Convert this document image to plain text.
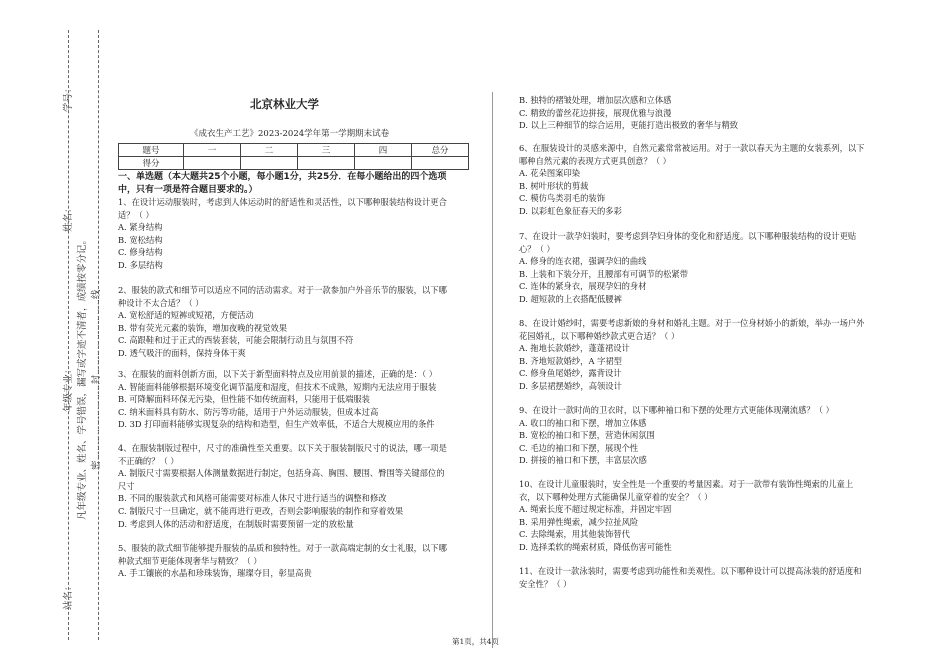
学号：
姓名：
年级专业：
站名：
凡年级专业、姓名、学号错误，漏写或字迹不清者，成绩按零分记。 密……………………封……………………线
北京林业大学
《成衣生产工艺》2023-2024学年第一学期期末试卷
题号	一	二	三	四	总分
得分					
一、单选题（本大题共25个小题，每小题1分，共25分．在每小题给出的四个选项中，只有一项是符合题目要求的。）

1、在设计运动服装时，考虑到人体运动时的舒适性和灵活性，以下哪种服装结构设计更合适？（ ）

A. 紧身结构

B. 宽松结构

C. 修身结构

D. 多层结构

2、服装的款式和细节可以适应不同的活动需求。对于一款参加户外音乐节的服装，以下哪种设计不太合适？（ ）

A. 宽松舒适的短裤或短裙，方便活动

B. 带有荧光元素的装饰，增加夜晚的视觉效果

C. 高跟鞋和过于正式的西装套装，可能会限制行动且与氛围不符

D. 透气吸汗的面料，保持身体干爽

3、在服装的面料创新方面，以下关于新型面料特点及应用前景的描述，正确的是：（ ）

A. 智能面料能够根据环境变化调节温度和湿度，但技术不成熟，短期内无法应用于服装

B. 可降解面料环保无污染，但性能不如传统面料，只能用于低端服装

C. 纳米面料具有防水、防污等功能，适用于户外运动服装，但成本过高

D. 3D 打印面料能够实现复杂的结构和造型，但生产效率低，不适合大规模应用的条件

4、在服装制版过程中，尺寸的准确性至关重要。以下关于服装制版尺寸的说法，哪一项是不正确的？（ ）

A. 制版尺寸需要根据人体测量数据进行制定，包括身高、胸围、腰围、臀围等关键部位的尺寸

B. 不同的服装款式和风格可能需要对标准人体尺寸进行适当的调整和修改

C. 制版尺寸一旦确定，就不能再进行更改，否则会影响服装的制作和穿着效果

D. 考虑到人体的活动和舒适度，在制版时需要预留一定的放松量

5、服装的款式细节能够提升服装的品质和独特性。对于一款高端定制的女士礼服，以下哪种款式细节更能体现奢华与精致？（ ）

A. 手工镶嵌的水晶和珍珠装饰，璀璨夺目，彰显高贵

B. 独特的褶皱处理，增加层次感和立体感

C. 精致的蕾丝花边拼接，展现优雅与浪漫

D. 以上三种细节的综合运用，更能打造出极致的奢华与精致

6、在服装设计的灵感来源中，自然元素常常被运用。对于一款以春天为主题的女装系列，以下哪种自然元素的表现方式更具创意？（ ）

A. 花朵图案印染

B. 树叶形状的剪裁

C. 模仿鸟类羽毛的装饰

D. 以彩虹色象征春天的多彩

7、在设计一款孕妇装时，要考虑到孕妇身体的变化和舒适度。以下哪种服装结构的设计更贴心？（ ）

A. 修身的连衣裙，强调孕妇的曲线

B. 上装和下装分开，且腰部有可调节的松紧带

C. 连体的紧身衣，展现孕妇的身材

D. 超短款的上衣搭配低腰裤

8、在设计婚纱时，需要考虑新娘的身材和婚礼主题。对于一位身材娇小的新娘，举办一场户外花园婚礼，以下哪种婚纱款式更合适？（ ）

A. 拖地长款婚纱，蓬蓬裙设计

B. 齐地短款婚纱，A 字裙型

C. 修身鱼尾婚纱，露背设计

D. 多层裙摆婚纱，高领设计

9、在设计一款时尚的卫衣时，以下哪种袖口和下摆的处理方式更能体现潮流感？（ ）

A. 收口的袖口和下摆，增加立体感

B. 宽松的袖口和下摆，营造休闲氛围

C. 毛边的袖口和下摆，展现个性

D. 拼接的袖口和下摆，丰富层次感

10、在设计儿童服装时，安全性是一个重要的考量因素。对于一款带有装饰性绳索的儿童上衣，以下哪种处理方式能确保儿童穿着的安全？（ ）

A. 绳索长度不超过规定标准，并固定牢固

B. 采用弹性绳索，减少拉扯风险

C. 去除绳索，用其他装饰替代

D. 选择柔软的绳索材质，降低伤害可能性

11、在设计一款泳装时，需要考虑到功能性和美观性。以下哪种设计可以提高泳装的舒适度和安全性？（ ）

第1页，共4页
